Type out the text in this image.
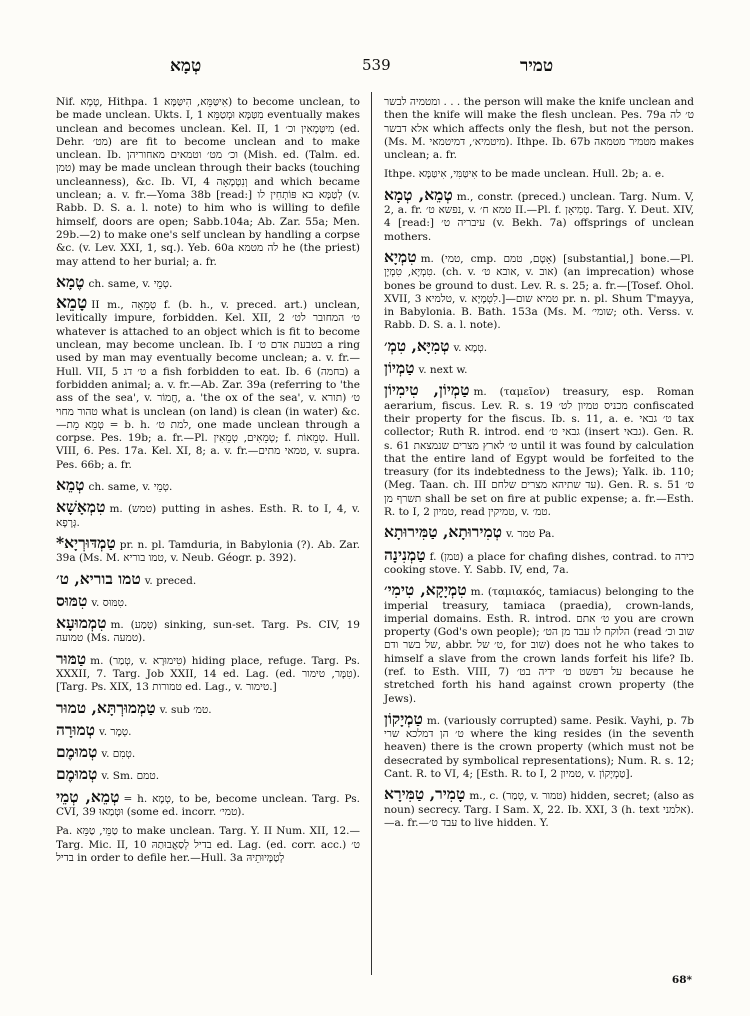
טְמָא	539	טמיר
Nif. טְמָא, Hithpa. אִיטַּמֵּא, הִיטַּמָּא 1) to become unclean, to be made unclean. Ukts. I, 1 מִטַּמָּא וּמְטַמֵּא eventually makes unclean and becomes unclean. Kel. II, 1 מִיטַּמְאִין וכ׳ (ed. Dehr. מט׳) are fit to become unclean and to make unclean. Ib. וכ׳ מט׳ וטמאים מאחוריהן (Mish. ed. (Talm. ed. טמן) may be made unclean through their backs (touching uncleanness), &c. Ib. VI, 4 וְנִטְמָאָה and which became unclean; a. v. fr.—Yoma 38b [read:] לְטַמָּא בא פּוֹתְחִין לו (v. Rabb. D. S. a. l. note) to him who is willing to defile himself, doors are open; Sabb.104a; Ab. Zar. 55a; Men. 29b.—2) to make one's self unclean by handling a corpse &c. (v. Lev. XXI, 1, sq.). Yeb. 60a לה מטמא he (the priest) may attend to her burial; a. fr.
טֶמָא ch. same, v. טְמֵי.
טָמֵא II m., טְמֵאָה f. (b. h., v. preced. art.) unclean, levitically impure, forbidden. Kel. XII, 2 ט׳ המחובר לט׳ whatever is attached to an object which is fit to become unclean, may become unclean. Ib. I בטבעת אדם ט׳ a ring used by man may eventually become unclean; a. v. fr.—Hull. VII, 5 ט׳ דג a fish forbidden to eat. Ib. 6 (בחמה) a forbidden animal; a. v. fr.—Ab. Zar. 39a (referring to 'the ass of the sea', v. חֲמוֹר, a. 'the ox of the sea', v. תורא) ט׳ טהור מחוי what is unclean (on land) is clean (in water) &c.—טְמֵא מֵת = b. h. למת ט׳, one made unclean through a corpse. Pes. 19b; a. fr.—Pl. טְמֵאִים, טְמֵאִין; f. טְמֵאוֹת. Hull. VIII, 6. Pes. 17a. Kel. XI, 8; a. v. fr.—טמאי מתים, v. supra. Pes. 66b; a. fr.
טְמֵא ch. same, v. טְמֵי.
טִמְאָשָׁא m. (טמש) putting in ashes. Esth. R. to I, 4, v. גְּרָפָא.
*טַמְדּוּרְיָא pr. n. pl. Tamduria, in Babylonia (?). Ab. Zar. 39a (Ms. M. טמו בוריא, v. Neub. Géogr. p. 392).
טמו בוריא, ט׳ v. preced.
טִמּוּס v. טִמּוּס.
טִמְמוּעָא m. (טְמַע) sinking, sun-set. Targ. Ps. CIV, 19 טמועה (Ms. טמעה).
טַמּוּר m. (טְמַר, v. טִימוּרָא) hiding place, refuge. Targ. Ps. XXXII, 7. Targ. Job XXII, 14 ed. Lag. (ed. טִמָּר, טימור). [Targ. Ps. XIX, 13 טמורות ed. Lag., v. טימור.]
טַמְמוּרְתָּא, טמוּר v. sub טמ׳.
טְמוּרָה v. טְמָר.
טְמוּמֶם v. טְמִם.
טְמוּמֶם v. Sm. טמם.
טְמֵא, טְמֵי = h. טְמָא, to be, become unclean. Targ. Ps. CVI, 39 וּטְמַאוּ (some ed. incorr. טמי׳).
Pa. טַמֵּי, טַמֵּא to make unclean. Targ. Y. II Num. XII, 12.—Targ. Mic. II, 10 בדיל לְסַאֲבוּתַהּ ed. Lag. (ed. corr. acc.) ט׳ בדיל in order to defile her.—Hull. 3a לְטַמָּיוּתֵיהּ
ומטמיה לבשר . . . the person will make the knife unclean and then the knife will make the flesh unclean. Pes. 79a ט׳ לה אלא דבשר which affects only the flesh, but not the person. (Ms. M. מיטמיא׳, דמיטמאי). Ithpe. Ib. 67b מטמיר מטמאה makes unclean; a. fr.
Ithpe. אִיטַּמִּי, אִיטַּמָּא to be made unclean. Hull. 2b; a. e.
טְמֵא, טְמָא m., constr. (preced.) unclean. Targ. Num. V, 2, a. fr. נפשא ט׳, v. טמא ח׳ II.—Pl. f. טְמִיאָן. Targ. Y. Deut. XIV, 4 [read:] עיבריה ט׳ (v. Bekh. 7a) offsprings of unclean mothers.
טִמְיָא m. (טמי, cmp. אָטָם, טמם) [substantial,] bone.—Pl. טִמְיָא, טִמְיָן. (ch. v. אובא ט׳, v. אוב) (an imprecation) whose bones be ground to dust. Lev. R. s. 25; a. fr.—[Tosef. Ohol. XVII, 3 טלמיא, v. לִטְמָיָא.]—טמיא שום pr. n. pl. Shum T'mayya, in Babylonia. B. Bath. 153a (Ms. M. שומי׳; oth. Verss. v. Rabb. D. S. a. l. note).
טְמִיָּא, טִמְ׳ v. טְמָא.
טַמְיוֹן v. next w.
טַמְיוֹן, טִימִיוֹן m. (ταμεῖον) treasury, esp. Roman aerarium, fiscus. Lev. R. s. 19 מכניס טמיון לט׳ confiscated their property for the fiscus. Ib. s. 11, a. e. ט׳ גבאי tax collector; Ruth R. introd. end גבאי ט׳ (insert גבאי). Gen. R. s. 61 ט׳ לארץ מצרים שנמצאת until it was found by calculation that the entire land of Egypt would be forfeited to the treasury (for its indebtedness to the Jews); Yalk. ib. 110; (Meg. Taan. ch. III עד שתיהא מצרים שלחם). Gen. R. s. 51 ט׳ תשרף מן shall be set on fire at public expense; a. fr.—Esth. R. to I, 2 טמיון, read טמיקין, v. טמ׳.
טְמִירוּתָא, טַמִּירוּתָא v. טמר Pa.
טַמְנִינָה f. (טמן) a place for chafing dishes, contrad. to כירה cooking stove. Y. Sabb. IV, end, 7a.
טִמְיָקָא, טִימִי׳ m. (ταμιακός, tamiacus) belonging to the imperial treasury, tamiaca (praedia), crown-lands, imperial domains. Esth. R. introd. ט׳ אתם you are crown property (God's own people); הלוקח לו עבד מן הט׳ (read שוב וכ׳ של בשר ודם, abbr. ט׳ של, for שוב) does not he who takes to himself a slave from the crown lands forfeit his life? Ib. (ref. to Esth. VIII, 7) על דפשט ט׳ ידיה בט׳ because he stretched forth his hand against crown property (the Jews).
טַמְיָקוֹן m. (variously corrupted) same. Pesik. Vayhi, p. 7b ט׳ הן דמלכא שרי where the king resides (in the seventh heaven) there is the crown property (which must not be desecrated by symbolical representations); Num. R. s. 12; Cant. R. to VI, 4; [Esth. R. to I, 2 טמיון, v. טַמְיָקוֹן].
טָמִיר, טַמִּירָא m., c. (טְמַר, v. טמור) hidden, secret; (also as noun) secrecy. Targ. I Sam. X, 22. Ib. XXI, 3 (h. text אלמני).—a. fr.—עבד ט׳ to live hidden. Y.
68*
